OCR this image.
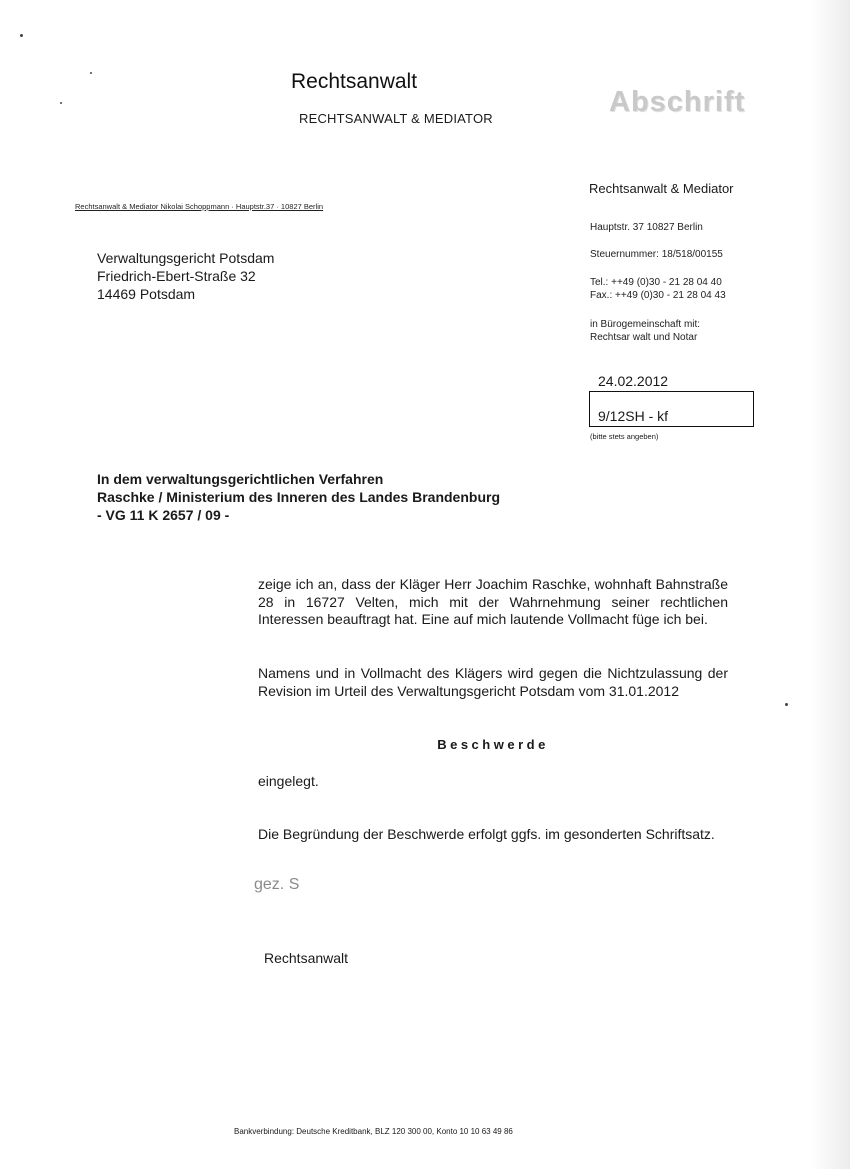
Rechtsanwalt
RECHTSANWALT & MEDIATOR
Abschrift
Rechtsanwalt & Mediator Nikolai Schoppmann · Hauptstr.37 · 10827 Berlin
Verwaltungsgericht Potsdam
Friedrich-Ebert-Straße 32
14469 Potsdam
Rechtsanwalt & Mediator
Hauptstr. 37 10827 Berlin
Steuernummer: 18/518/00155
Tel.: ++49 (0)30 - 21 28 04 40
Fax.: ++49 (0)30 - 21 28 04 43
in Bürogemeinschaft mit:
Rechtsar walt und Notar
24.02.2012
9/12SH - kf
(bitte stets angeben)
In dem verwaltungsgerichtlichen Verfahren
Raschke / Ministerium des Inneren des Landes Brandenburg
- VG 11 K 2657 / 09 -
zeige ich an, dass der Kläger Herr Joachim Raschke, wohnhaft Bahnstraße 28 in 16727 Velten, mich mit der Wahrnehmung seiner rechtlichen Interessen beauftragt hat. Eine auf mich lautende Vollmacht füge ich bei.
Namens und in Vollmacht des Klägers wird gegen die Nichtzulassung der Revision im Urteil des Verwaltungsgericht Potsdam vom 31.01.2012
Beschwerde
eingelegt.
Die Begründung der Beschwerde erfolgt ggfs. im gesonderten Schriftsatz.
gez. S
Rechtsanwalt
Bankverbindung: Deutsche Kreditbank, BLZ 120 300 00, Konto 10 10 63 49 86
